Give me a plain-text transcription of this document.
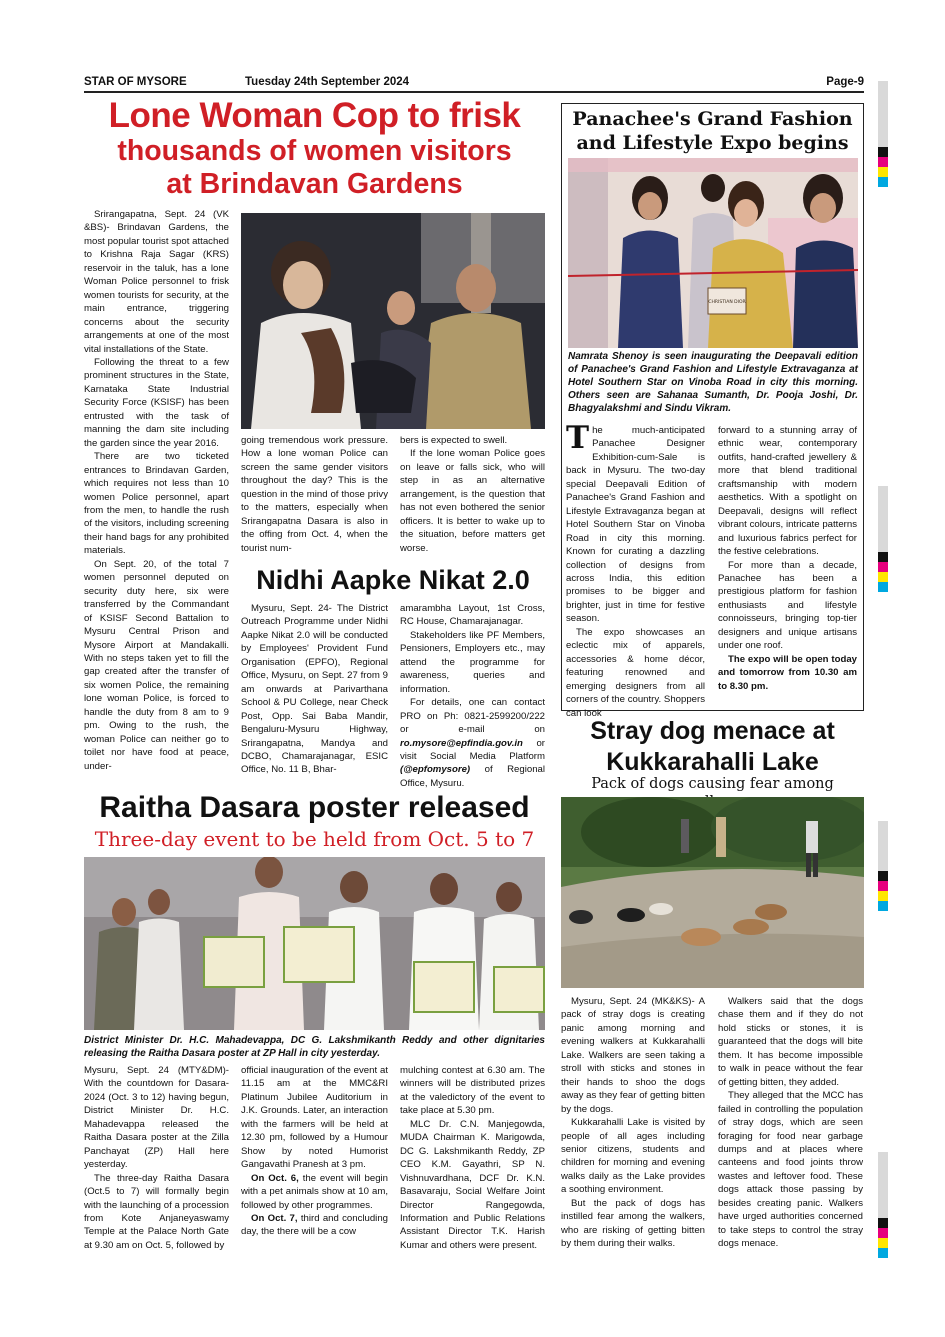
STAR OF MYSORE	Tuesday 24th September 2024	Page-9
Lone Woman Cop to frisk
thousands of women visitors
at Brindavan Gardens

Srirangapatna, Sept. 24 (VK &BS)- Brindavan Gardens, the most popular tourist spot attached to Krishna Raja Sagar (KRS) reservoir in the taluk, has a lone Woman Police personnel to frisk women tourists for security, at the main entrance, triggering concerns about the security arrangements at one of the most vital installations of the State.

Following the threat to a few prominent structures in the State, Karnataka State Industrial Security Force (KSISF) has been entrusted with the task of manning the dam site including the garden since the year 2016.

There are two ticketed entrances to Brindavan Garden, which requires not less than 10 women Police personnel, apart from the men, to handle the rush of the visitors, including screening their hand bags for any prohibited materials.

On Sept. 20, of the total 7 women personnel deputed on security duty here, six were transferred by the Commandant of KSISF Second Battalion to Mysuru Central Prison and Mysore Airport at Mandakalli. With no steps taken yet to fill the gap created after the transfer of six women Police, the remaining lone woman Police, is forced to handle the duty from 8 am to 9 pm. Owing to the rush, the woman Police can neither go to toilet nor have food at peace, under-

going tremendous work pressure. How a lone woman Police can screen the same gender visitors throughout the day? This is the question in the mind of those privy to the matters, especially when Srirangapatna Dasara is also in the offing from Oct. 4, when the tourist num-

bers is expected to swell.

If the lone woman Police goes on leave or falls sick, who will step in as an alternative arrangement, is the question that has not even bothered the senior officers. It is better to wake up to the situation, before matters get worse.

Nidhi Aapke Nikat 2.0

Mysuru, Sept. 24- The District Outreach Programme under Nidhi Aapke Nikat 2.0 will be conducted by Employees' Provident Fund Organisation (EPFO), Regional Office, Mysuru, on Sept. 27 from 9 am onwards at Parivarthana School & PU College, near Check Post, Opp. Sai Baba Mandir, Bengaluru-Mysuru Highway, Srirangapatna, Mandya and DCBO, Chamarajanagar, ESIC Office, No. 11 B, Bhar-

amarambha Layout, 1st Cross, RC House, Chamarajanagar.

Stakeholders like PF Members, Pensioners, Employers etc., may attend the programme for awareness, queries and information.

For details, one can contact PRO on Ph: 0821-2599200/222 or e-mail on ro.mysore@epfindia.gov.in or visit Social Media Platform (@epfomysore) of Regional Office, Mysuru.

Panachee's Grand Fashion
and Lifestyle Expo begins
CHRISTIAN DIOR
Namrata Shenoy is seen inaugurating the Deepavali edition of Panachee's Grand Fashion and Lifestyle Extravaganza at Hotel Southern Star on Vinoba Road in city this morning. Others seen are Sahanaa Sumanth, Dr. Pooja Joshi, Dr. Bhagyalakshmi and Sindu Vikram.

The much-anticipated Panachee Designer Exhibition-cum-Sale is back in Mysuru. The two-day special Deepavali Edition of Panachee's Grand Fashion and Lifestyle Extravaganza began at Hotel Southern Star on Vinoba Road in city this morning. Known for curating a dazzling collection of designs from across India, this edition promises to be bigger and brighter, just in time for festive season.

The expo showcases an eclectic mix of apparels, accessories & home décor, featuring renowned and emerging designers from all corners of the country. Shoppers can look

forward to a stunning array of ethnic wear, contemporary outfits, hand-crafted jewellery & more that blend traditional craftsmanship with modern aesthetics. With a spotlight on Deepavali, designs will reflect vibrant colours, intricate patterns and luxurious fabrics perfect for the festive celebrations.

For more than a decade, Panachee has been a prestigious platform for fashion enthusiasts and lifestyle connoisseurs, bringing top-tier designers and unique artisans under one roof.

The expo will be open today and tomorrow from 10.30 am to 8.30 pm.

Stray dog menace at
Kukkarahalli Lake
Pack of dogs causing fear among

Mysuru, Sept. 24 (MK&KS)- A pack of stray dogs is creating panic among morning and evening walkers at Kukkarahalli Lake. Walkers are seen taking a stroll with sticks and stones in their hands to shoo the dogs away as they fear of getting bitten by the dogs.

Kukkarahalli Lake is visited by people of all ages including senior citizens, students and children for morning and evening walks daily as the Lake provides a soothing environment.

But the pack of dogs has instilled fear among the walkers, who are risking of getting bitten by them during their walks.

Walkers said that the dogs chase them and if they do not hold sticks or stones, it is guaranteed that the dogs will bite them. It has become impossible to walk in peace without the fear of getting bitten, they added.

They alleged that the MCC has failed in controlling the population of stray dogs, which are seen foraging for food near garbage dumps and at places where canteens and food joints throw wastes and leftover food. These dogs attack those passing by besides creating panic. Walkers have urged authorities concerned to take steps to control the stray dogs menace.

Raitha Dasara poster released
Three-day event to be held from Oct. 5 to 7
District Minister Dr. H.C. Mahadevappa, DC G. Lakshmikanth Reddy and other dignitaries releasing the Raitha Dasara poster at ZP Hall in city yesterday.

Mysuru, Sept. 24 (MTY&DM)- With the countdown for Dasara-2024 (Oct. 3 to 12) having begun, District Minister Dr. H.C. Mahadevappa released the Raitha Dasara poster at the Zilla Panchayat (ZP) Hall here yesterday.

The three-day Raitha Dasara (Oct.5 to 7) will formally begin with the launching of a procession from Kote Anjaneyaswamy Temple at the Palace North Gate at 9.30 am on Oct. 5, followed by

official inauguration of the event at 11.15 am at the MMC&RI Platinum Jubilee Auditorium in J.K. Grounds. Later, an interaction with the farmers will be held at 12.30 pm, followed by a Humour Show by noted Humorist Gangavathi Pranesh at 3 pm.

On Oct. 6, the event will begin with a pet animals show at 10 am, followed by other programmes.

On Oct. 7, third and concluding day, the there will be a cow

mulching contest at 6.30 am. The winners will be distributed prizes at the valedictory of the event to take place at 5.30 pm.

MLC Dr. C.N. Manjegowda, MUDA Chairman K. Marigowda, DC G. Lakshmikanth Reddy, ZP CEO K.M. Gayathri, SP N. Vishnuvardhana, DCF Dr. K.N. Basavaraju, Social Welfare Joint Director Rangegowda, Information and Public Relations Assistant Director T.K. Harish Kumar and others were present.
